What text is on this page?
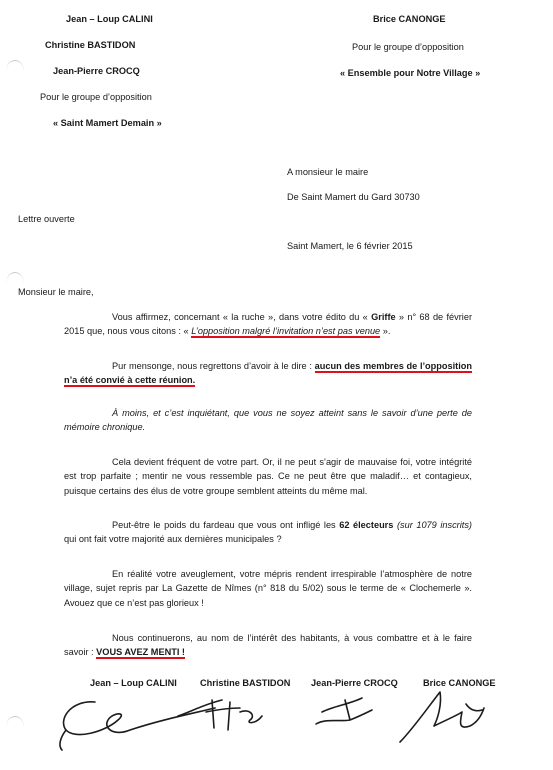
Jean – Loup CALINI
Christine BASTIDON
Jean-Pierre CROCQ
Pour le groupe d’opposition
« Saint Mamert Demain »
Brice CANONGE
Pour le groupe d’opposition
« Ensemble pour Notre Village »
A monsieur le maire
De Saint Mamert du Gard 30730
Lettre ouverte
Saint Mamert, le 6 février 2015
Monsieur le maire,
Vous affirmez, concernant « la ruche », dans votre édito du « Griffe » n° 68 de février 2015 que, nous vous citons : « L’opposition malgré l’invitation n’est pas venue ».
Pur mensonge, nous regrettons d’avoir à le dire : aucun des membres de l’opposition n’a été convié à cette réunion.
À moins, et c’est inquiétant, que vous ne soyez atteint sans le savoir d’une perte de mémoire chronique.
Cela devient fréquent de votre part. Or, il ne peut s’agir de mauvaise foi, votre intégrité est trop parfaite ; mentir ne vous ressemble pas. Ce ne peut être que maladif… et contagieux, puisque certains des élus de votre groupe semblent atteints du même mal.
Peut-être le poids du fardeau que vous ont infligé les 62 électeurs (sur 1079 inscrits) qui ont fait votre majorité aux dernières municipales ?
En réalité votre aveuglement, votre mépris rendent irrespirable l’atmosphère de notre village, sujet repris par La Gazette de Nîmes (n° 818 du 5/02) sous le terme de « Clochemerle ». Avouez que ce n’est pas glorieux !
Nous continuerons, au nom de l’intérêt des habitants, à vous combattre et à le faire savoir : VOUS AVEZ MENTI !
Jean – Loup CALINI	Christine BASTIDON Jean-Pierre CROCQ	Brice CANONGE
